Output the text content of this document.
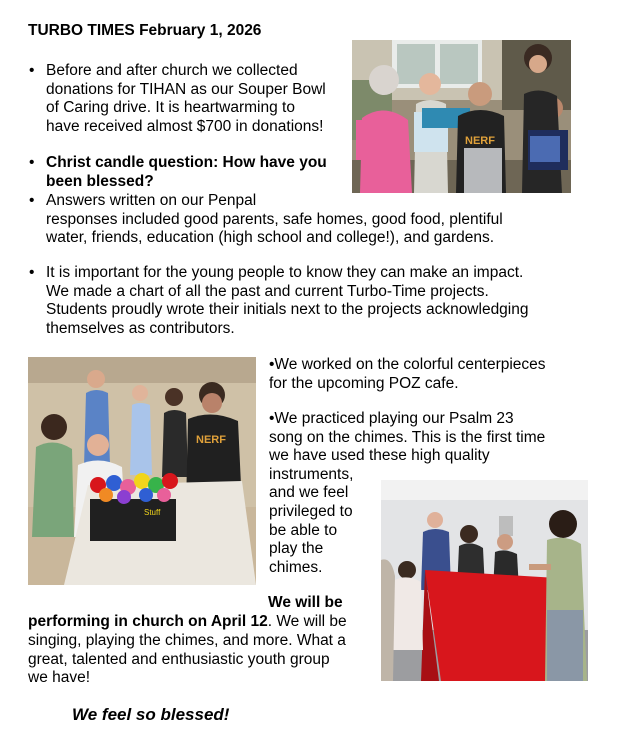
TURBO TIMES February 1, 2026
• Before and after church we collected
donations for TIHAN as our Souper Bowl
of Caring drive. It is heartwarming to
have received almost $700 in donations!
• Christ candle question: How have you
been blessed?
• Answers written on our Penpal
responses included good parents, safe homes, good food, plentiful
water, friends, education (high school and college!), and gardens.
• It is important for the young people to know they can make an impact.
We made a chart of all the past and current Turbo-Time projects.
Students proudly wrote their initials next to the projects acknowledging
themselves as contributors.
NERF
NERF
Stuff
•We worked on the colorful centerpieces
for the upcoming POZ cafe.
•We practiced playing our Psalm 23
song on the chimes. This is the first time
we have used these high quality
instruments,
and we feel
privileged to
be able to
play the
chimes.
We will be
performing in church on April 12. We will be
singing, playing the chimes, and more. What a
great, talented and enthusiastic youth group
we have!
We feel so blessed!
